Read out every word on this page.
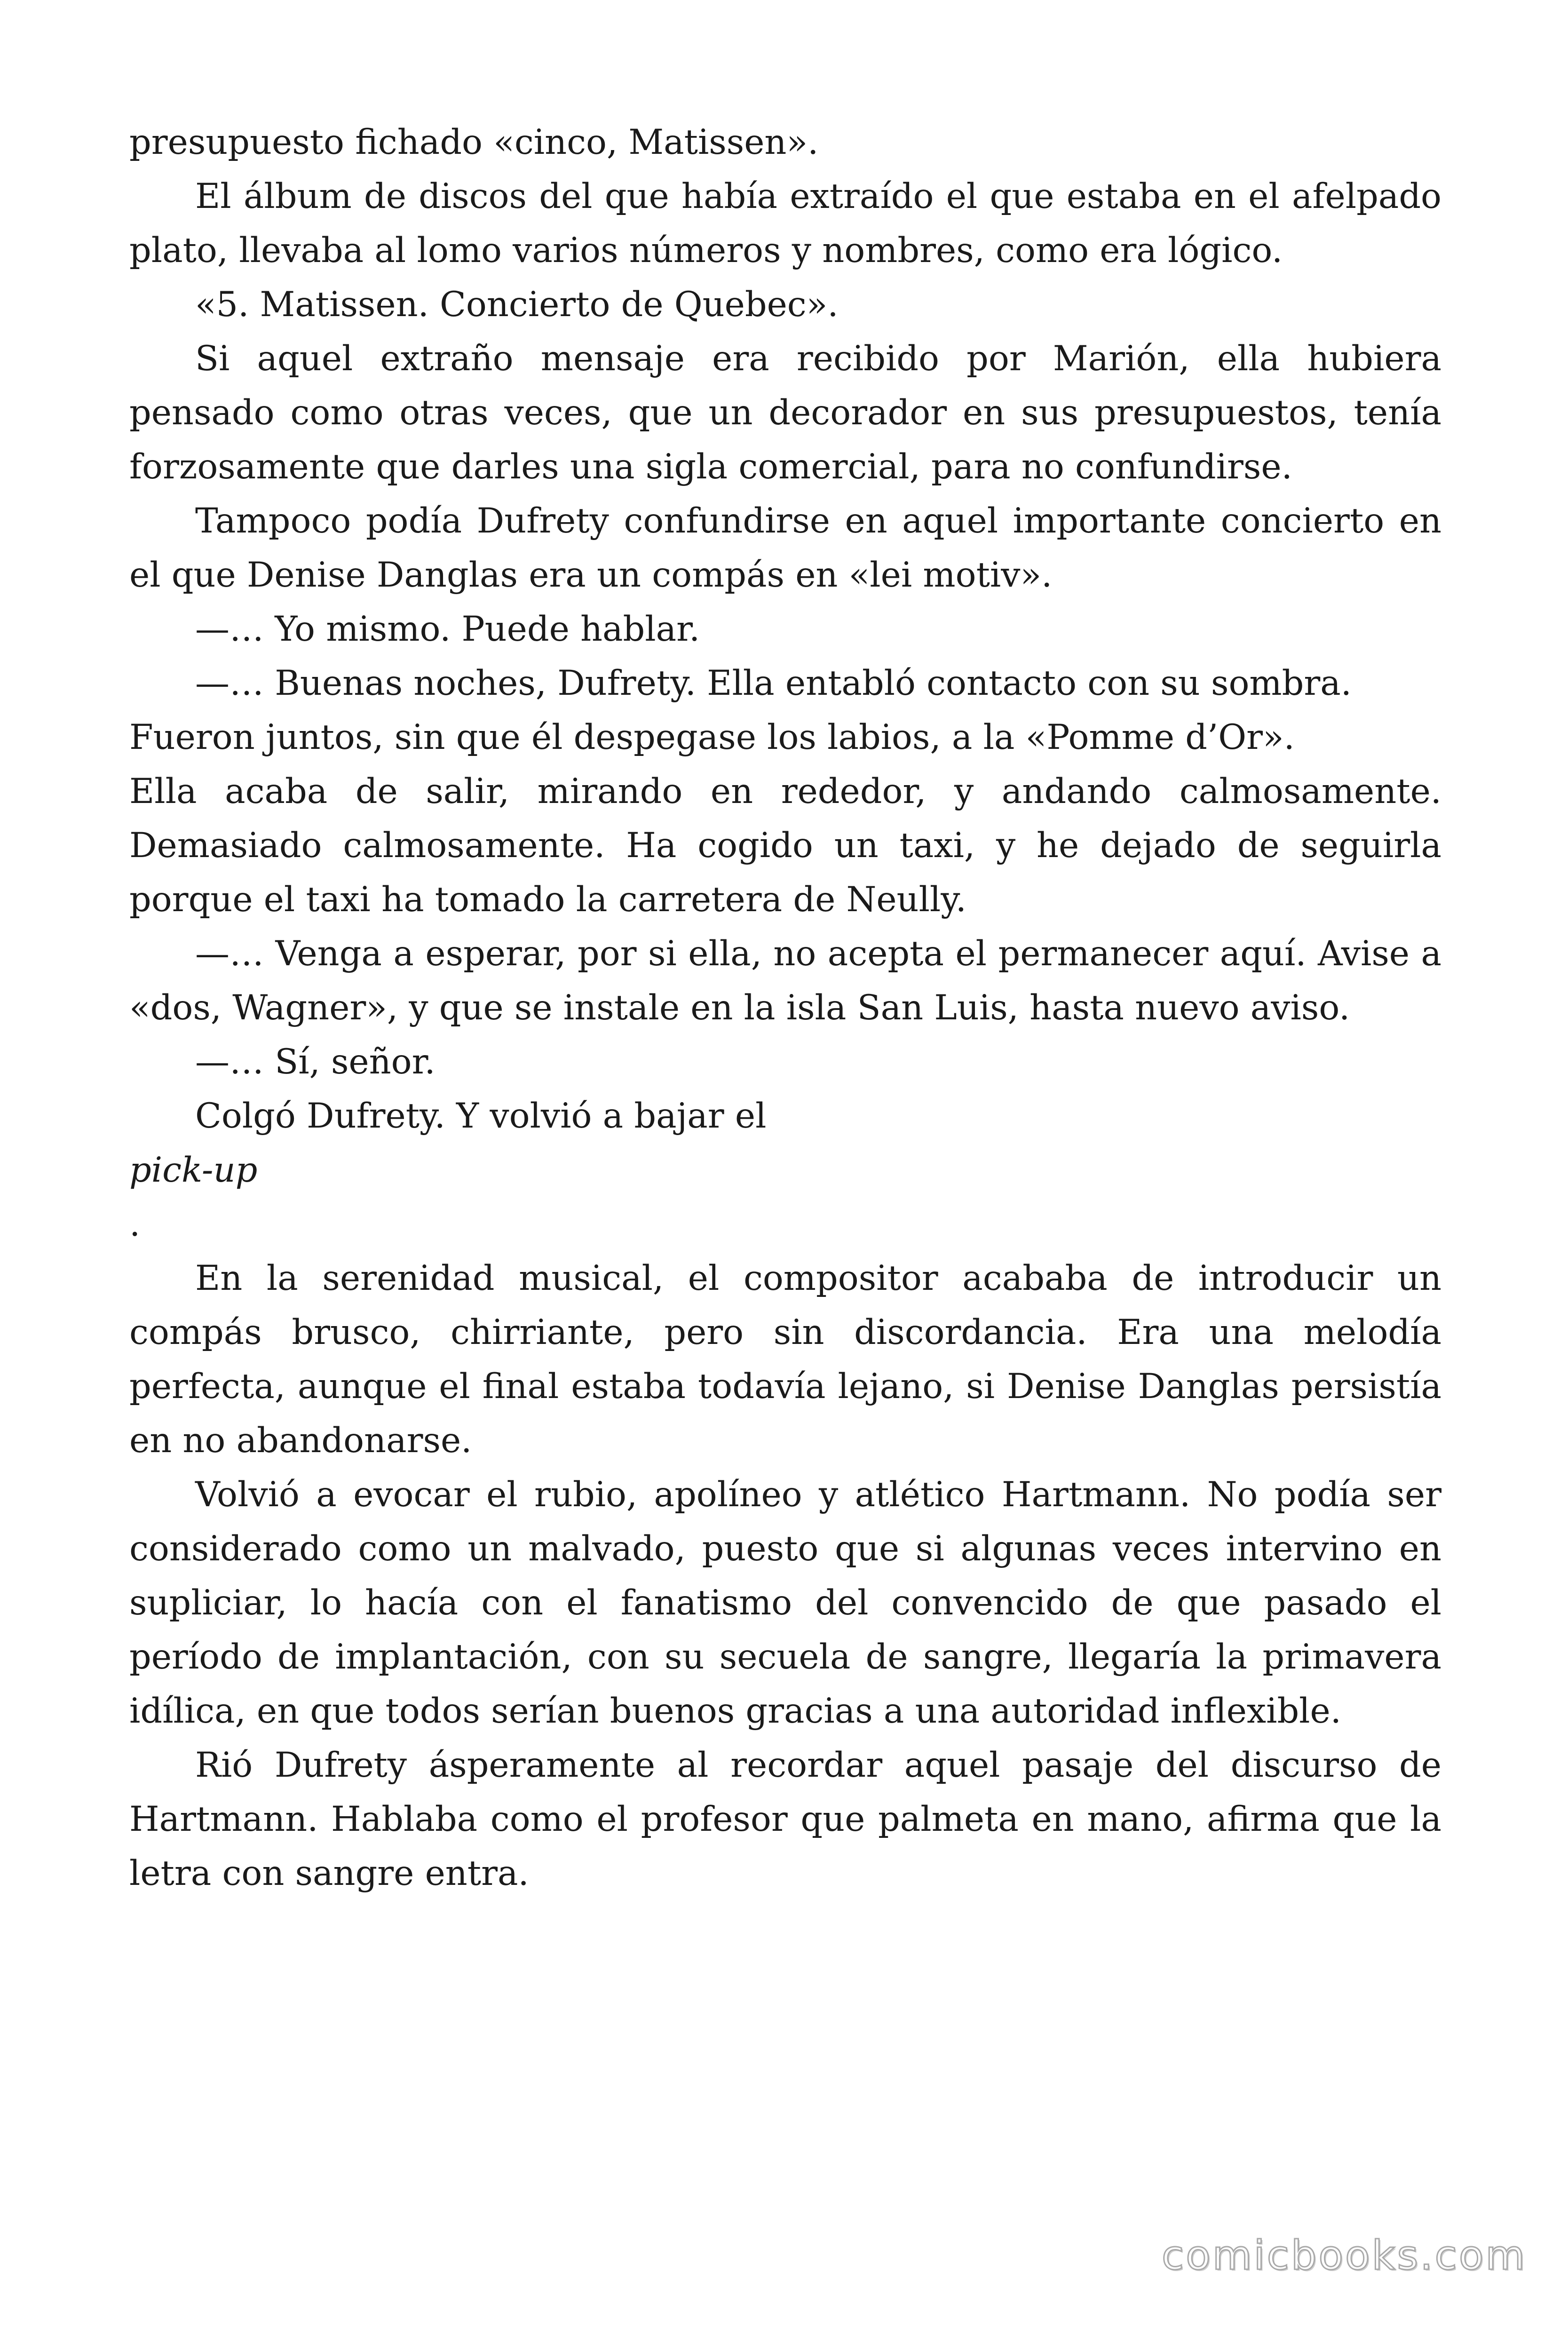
presupuesto fichado «cinco, Matissen».

El álbum de discos del que había extraído el que estaba en el afelpado plato, llevaba al lomo varios números y nombres, como era lógico.

«5. Matissen. Concierto de Quebec».

Si aquel extraño mensaje era recibido por Marión, ella hubiera pensado como otras veces, que un decorador en sus presupuestos, tenía forzosamente que darles una sigla comercial, para no confundirse.

Tampoco podía Dufrety confundirse en aquel importante concierto en el que Denise Danglas era un compás en «lei motiv».

—… Yo mismo. Puede hablar.

—… Buenas noches, Dufrety. Ella entabló contacto con su sombra. Fueron juntos, sin que él despegase los labios, a la «Pomme d’Or».

Ella acaba de salir, mirando en rededor, y andando calmosamente. Demasiado calmosamente. Ha cogido un taxi, y he dejado de seguirla porque el taxi ha tomado la carretera de Neully.

—… Venga a esperar, por si ella, no acepta el permanecer aquí. Avise a «dos, Wagner», y que se instale en la isla San Luis, hasta nuevo aviso.

—… Sí, señor.

Colgó Dufrety. Y volvió a bajar el

pick-up

.

En la serenidad musical, el compositor acababa de introducir un compás brusco, chirriante, pero sin discordancia. Era una melodía perfecta, aunque el final estaba todavía lejano, si Denise Danglas persistía en no abandonarse.

Volvió a evocar el rubio, apolíneo y atlético Hartmann. No podía ser considerado como un malvado, puesto que si algunas veces intervino en supliciar, lo hacía con el fanatismo del convencido de que pasado el período de implantación, con su secuela de sangre, llegaría la primavera idílica, en que todos serían buenos gracias a una autoridad inflexible.

Rió Dufrety ásperamente al recordar aquel pasaje del discurso de Hartmann. Hablaba como el profesor que palmeta en mano, afirma que la letra con sangre entra.

comicbooks.com
